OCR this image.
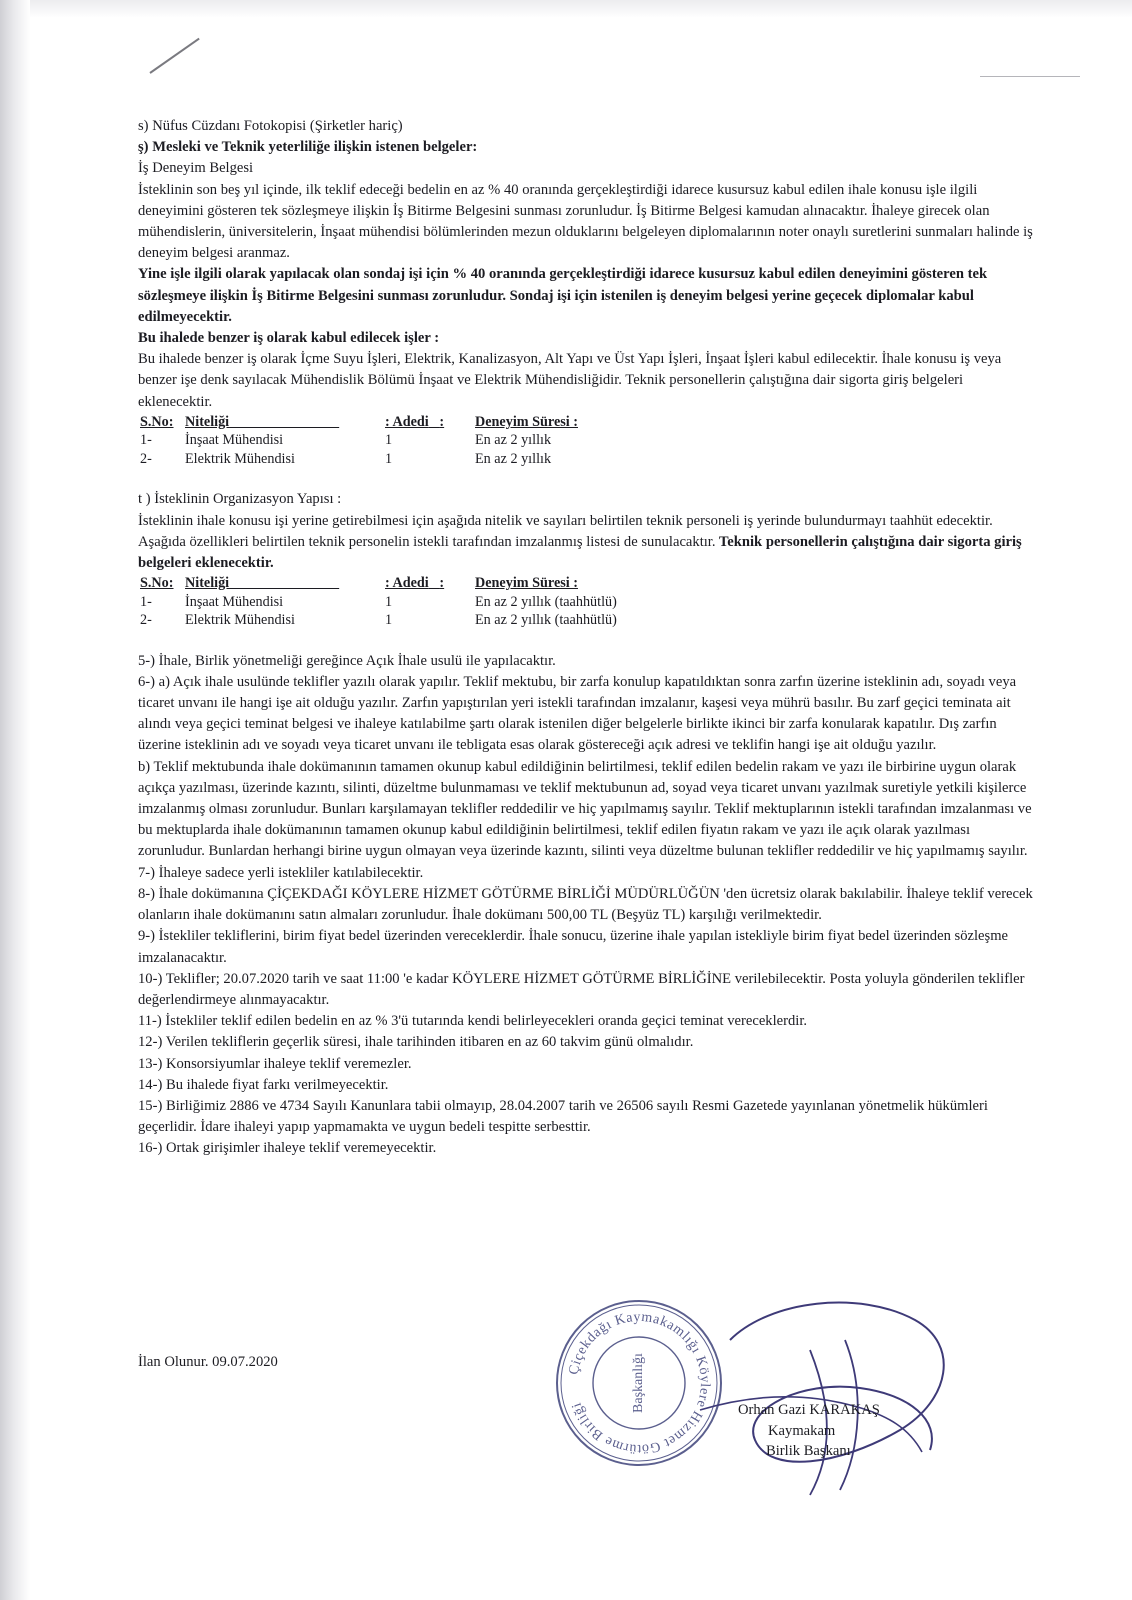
s) Nüfus Cüzdanı Fotokopisi (Şirketler hariç)

ş) Mesleki ve Teknik yeterliliğe ilişkin istenen belgeler:

İş Deneyim Belgesi

İsteklinin son beş yıl içinde, ilk teklif edeceği bedelin en az % 40 oranında gerçekleştirdiği idarece kusursuz kabul edilen ihale konusu işle ilgili deneyimini gösteren tek sözleşmeye ilişkin İş Bitirme Belgesini sunması zorunludur. İş Bitirme Belgesi kamudan alınacaktır. İhaleye girecek olan mühendislerin, üniversitelerin, İnşaat mühendisi bölümlerinden mezun olduklarını belgeleyen diplomalarının noter onaylı suretlerini sunmaları halinde iş deneyim belgesi aranmaz.

Yine işle ilgili olarak yapılacak olan sondaj işi için % 40 oranında gerçekleştirdiği idarece kusursuz kabul edilen deneyimini gösteren tek sözleşmeye ilişkin İş Bitirme Belgesini sunması zorunludur. Sondaj işi için istenilen iş deneyim belgesi yerine geçecek diplomalar kabul edilmeyecektir.

Bu ihalede benzer iş olarak kabul edilecek işler :

Bu ihalede benzer iş olarak İçme Suyu İşleri, Elektrik, Kanalizasyon, Alt Yapı ve Üst Yapı İşleri, İnşaat İşleri kabul edilecektir. İhale konusu iş veya benzer işe denk sayılacak Mühendislik Bölümü İnşaat ve Elektrik Mühendisliğidir. Teknik personellerin çalıştığına dair sigorta giriş belgeleri eklenecektir.

S.No:	Niteliği	: Adedi :	Deneyim Süresi :
1-	İnşaat Mühendisi	1	En az 2 yıllık
2-	Elektrik Mühendisi	1	En az 2 yıllık

t ) İsteklinin Organizasyon Yapısı :

İsteklinin ihale konusu işi yerine getirebilmesi için aşağıda nitelik ve sayıları belirtilen teknik personeli iş yerinde bulundurmayı taahhüt edecektir. Aşağıda özellikleri belirtilen teknik personelin istekli tarafından imzalanmış listesi de sunulacaktır. Teknik personellerin çalıştığına dair sigorta giriş belgeleri eklenecektir.

S.No:	Niteliği	: Adedi :	Deneyim Süresi :
1-	İnşaat Mühendisi	1	En az 2 yıllık (taahhütlü)
2-	Elektrik Mühendisi	1	En az 2 yıllık (taahhütlü)

5-) İhale, Birlik yönetmeliği gereğince Açık İhale usulü ile yapılacaktır.

6-) a) Açık ihale usulünde teklifler yazılı olarak yapılır. Teklif mektubu, bir zarfa konulup kapatıldıktan sonra zarfın üzerine isteklinin adı, soyadı veya ticaret unvanı ile hangi işe ait olduğu yazılır. Zarfın yapıştırılan yeri istekli tarafından imzalanır, kaşesi veya mührü basılır. Bu zarf geçici teminata ait alındı veya geçici teminat belgesi ve ihaleye katılabilme şartı olarak istenilen diğer belgelerle birlikte ikinci bir zarfa konularak kapatılır. Dış zarfın üzerine isteklinin adı ve soyadı veya ticaret unvanı ile tebligata esas olarak göstereceği açık adresi ve teklifin hangi işe ait olduğu yazılır.

b) Teklif mektubunda ihale dokümanının tamamen okunup kabul edildiğinin belirtilmesi, teklif edilen bedelin rakam ve yazı ile birbirine uygun olarak açıkça yazılması, üzerinde kazıntı, silinti, düzeltme bulunmaması ve teklif mektubunun ad, soyad veya ticaret unvanı yazılmak suretiyle yetkili kişilerce imzalanmış olması zorunludur. Bunları karşılamayan teklifler reddedilir ve hiç yapılmamış sayılır. Teklif mektuplarının istekli tarafından imzalanması ve bu mektuplarda ihale dokümanının tamamen okunup kabul edildiğinin belirtilmesi, teklif edilen fiyatın rakam ve yazı ile açık olarak yazılması zorunludur. Bunlardan herhangi birine uygun olmayan veya üzerinde kazıntı, silinti veya düzeltme bulunan teklifler reddedilir ve hiç yapılmamış sayılır.

7-) İhaleye sadece yerli istekliler katılabilecektir.

8-) İhale dokümanına ÇİÇEKDAĞI KÖYLERE HİZMET GÖTÜRME BİRLİĞİ MÜDÜRLÜĞÜN 'den ücretsiz olarak bakılabilir. İhaleye teklif verecek olanların ihale dokümanını satın almaları zorunludur. İhale dokümanı 500,00 TL (Beşyüz TL) karşılığı verilmektedir.

9-) İstekliler tekliflerini, birim fiyat bedel üzerinden vereceklerdir. İhale sonucu, üzerine ihale yapılan istekliyle birim fiyat bedel üzerinden sözleşme imzalanacaktır.

10-) Teklifler; 20.07.2020 tarih ve saat 11:00 'e kadar KÖYLERE HİZMET GÖTÜRME BİRLİĞİNE verilebilecektir. Posta yoluyla gönderilen teklifler değerlendirmeye alınmayacaktır.

11-) İstekliler teklif edilen bedelin en az % 3'ü tutarında kendi belirleyecekleri oranda geçici teminat vereceklerdir.

12-) Verilen tekliflerin geçerlik süresi, ihale tarihinden itibaren en az 60 takvim günü olmalıdır.

13-) Konsorsiyumlar ihaleye teklif veremezler.

14-) Bu ihalede fiyat farkı verilmeyecektir.

15-) Birliğimiz 2886 ve 4734 Sayılı Kanunlara tabii olmayıp, 28.04.2007 tarih ve 26506 sayılı Resmi Gazetede yayınlanan yönetmelik hükümleri geçerlidir. İdare ihaleyi yapıp yapmamakta ve uygun bedeli tespitte serbesttir.

16-) Ortak girişimler ihaleye teklif veremeyecektir.

İlan Olunur. 09.07.2020	Çiçekdağı Kaymakamlığı Köylere Hizmet Götürme Birliği	Başkanlığı	Orhan Gazi KARAKAŞ
Kaymakam
Birlik Başkanı
